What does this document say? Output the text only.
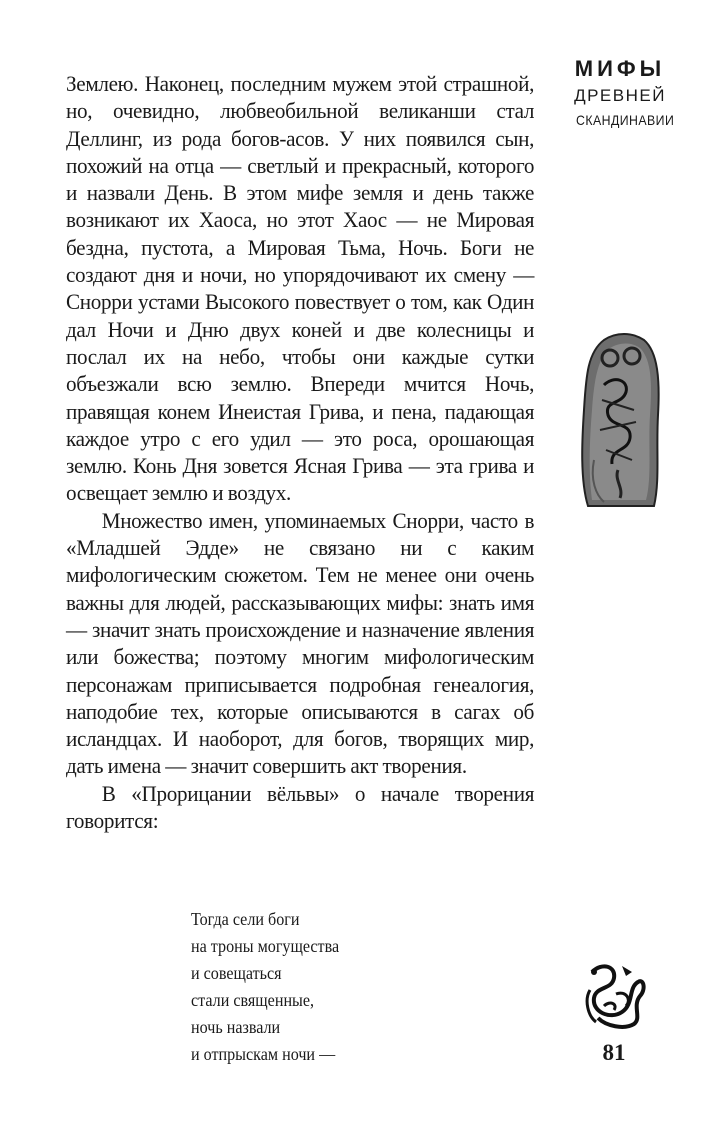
Землею. Наконец, последним мужем этой страшной, но, очевидно, любвеобильной великанши стал Деллинг, из рода богов-асов. У них появился сын, похожий на отца — светлый и прекрасный, которого и назвали День. В этом мифе земля и день также возникают их Хаоса, но этот Хаос — не Мировая бездна, пустота, а Мировая Тьма, Ночь. Боги не создают дня и ночи, но упорядочивают их смену — Снорри устами Высокого повествует о том, как Один дал Ночи и Дню двух коней и две колесницы и послал их на небо, чтобы они каждые сутки объезжали всю землю. Впереди мчится Ночь, правящая конем Инеистая Грива, и пена, падающая каждое утро с его удил — это роса, орошающая землю. Конь Дня зовется Ясная Грива — эта грива и освещает землю и воздух.

Множество имен, упоминаемых Снорри, часто в «Младшей Эдде» не связано ни с каким мифологическим сюжетом. Тем не менее они очень важны для людей, рассказывающих мифы: знать имя — значит знать происхождение и назначение явления или божества; поэтому многим мифологическим персонажам приписывается подробная генеалогия, наподобие тех, которые описываются в сагах об исландцах. И наоборот, для богов, творящих мир, дать имена — значит совершить акт творения.

В «Прорицании вёльвы» о начале творения говорится:

Тогда сели боги
на троны могущества
и совещаться
стали священные,
ночь назвали
и отпрыскам ночи —
МИФЫ
ДРЕВНЕЙ
СКАНДИНАВИИ
81
